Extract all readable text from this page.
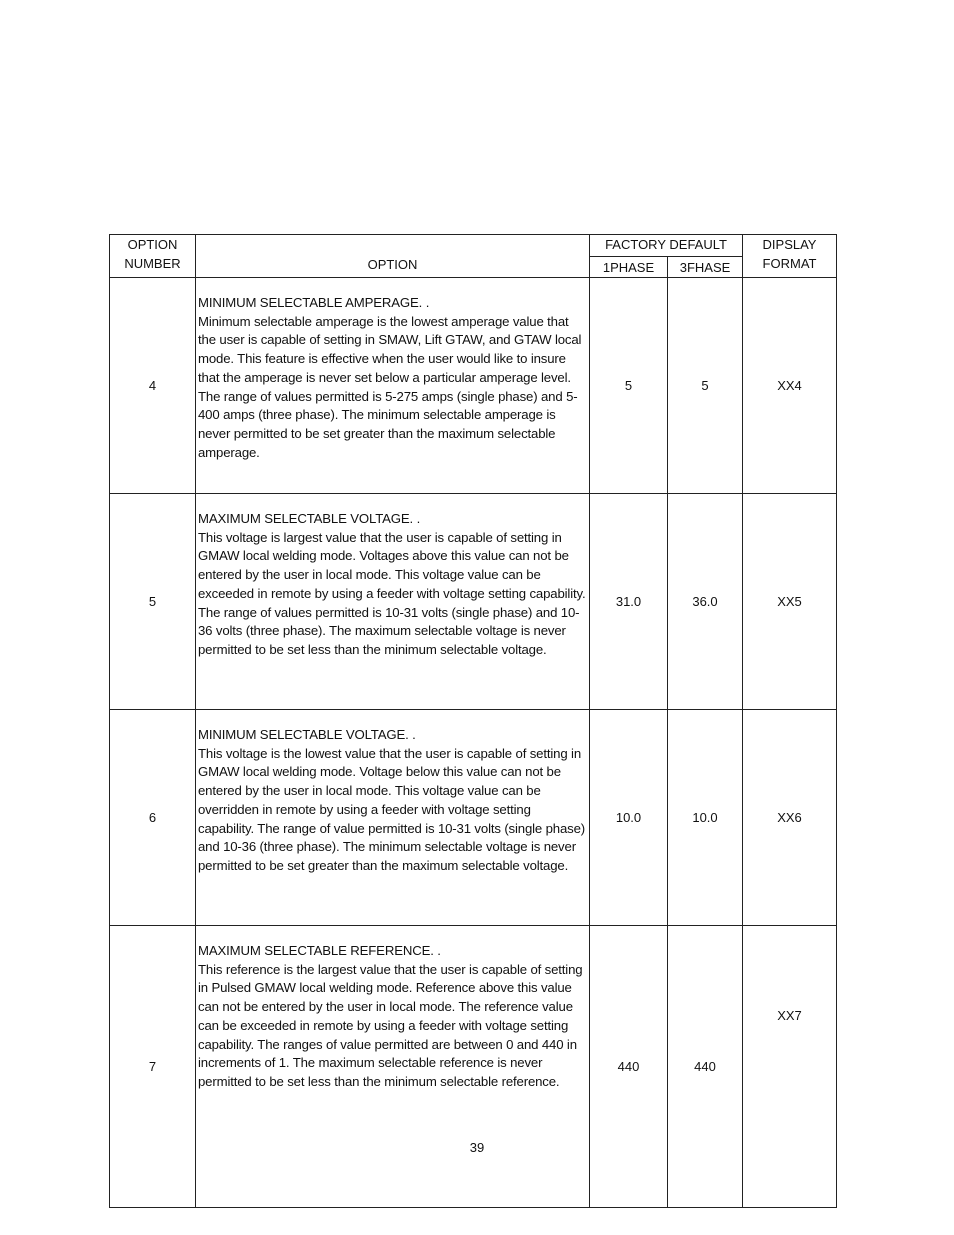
OPTION
NUMBER	OPTION	FACTORY DEFAULT		DIPSLAY
FORMAT
		1PHASE	3FHASE	
4	MINIMUM SELECTABLE AMPERAGE. .
Minimum selectable amperage is the lowest amperage value that the user is capable of setting in SMAW, Lift GTAW, and GTAW local mode. This feature is effective when the user would like to insure that the amperage is never set below a particular amperage level. The range of values permitted is 5-275 amps (single phase) and 5-400 amps (three phase). The minimum selectable amperage is never permitted to be set greater than the maximum selectable amperage.	5	5	XX4
5	MAXIMUM SELECTABLE VOLTAGE. .
This voltage is largest value that the user is capable of setting in GMAW local welding mode. Voltages above this value can not be entered by the user in local mode. This voltage value can be exceeded in remote by using a feeder with voltage setting capability. The range of values permitted is 10-31 volts (single phase) and 10-36 volts (three phase). The maximum selectable voltage is never permitted to be set less than the minimum selectable voltage.	31.0	36.0	XX5
6	MINIMUM SELECTABLE VOLTAGE. .
This voltage is the lowest value that the user is capable of setting in GMAW local welding mode. Voltage below this value can not be entered by the user in local mode. This voltage value can be overridden in remote by using a feeder with voltage setting capability. The range of value permitted is 10-31 volts (single phase) and 10-36 (three phase). The minimum selectable voltage is never permitted to be set greater than the maximum selectable voltage.	10.0	10.0	XX6
7	MAXIMUM SELECTABLE REFERENCE. .
This reference is the largest value that the user is capable of setting in Pulsed GMAW local welding mode. Reference above this value can not be entered by the user in local mode. The reference value can be exceeded in remote by using a feeder with voltage setting capability. The ranges of value permitted are between 0 and 440 in increments of 1. The maximum selectable reference is never permitted to be set less than the minimum selectable reference.	440	440	XX7
39
